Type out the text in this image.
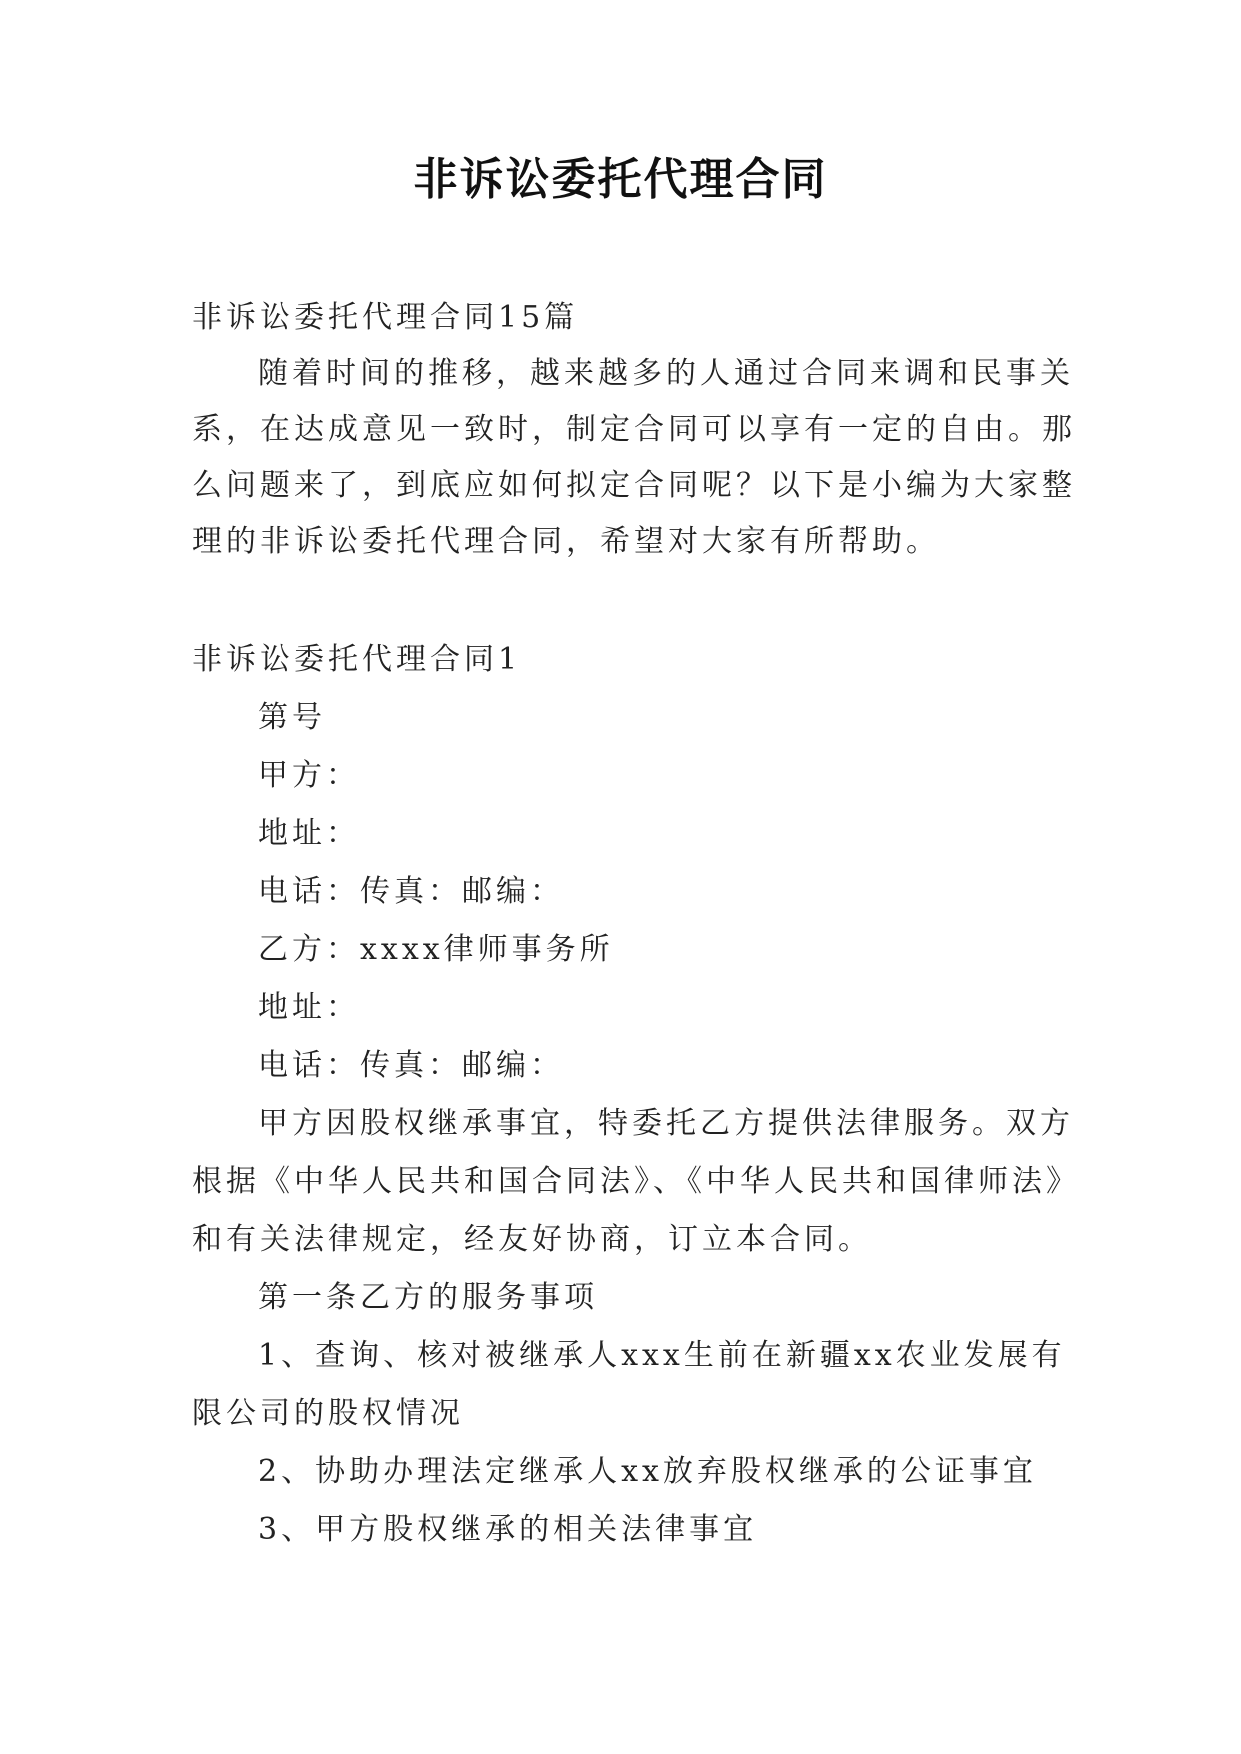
非诉讼委托代理合同
非诉讼委托代理合同15篇
随着时间的推移，越来越多的人通过合同来调和民事关
系，在达成意见一致时，制定合同可以享有一定的自由。那
么问题来了，到底应如何拟定合同呢？以下是小编为大家整
理的非诉讼委托代理合同，希望对大家有所帮助。
非诉讼委托代理合同1
第号
甲方：
地址：
电话：传真：邮编：
乙方：xxxx律师事务所
地址：
电话：传真：邮编：
甲方因股权继承事宜，特委托乙方提供法律服务。双方
根据《中华人民共和国合同法》、《中华人民共和国律师法》
和有关法律规定，经友好协商，订立本合同。
第一条乙方的服务事项
1、查询、核对被继承人xxx生前在新疆xx农业发展有
限公司的股权情况
2、协助办理法定继承人xx放弃股权继承的公证事宜
3、甲方股权继承的相关法律事宜
